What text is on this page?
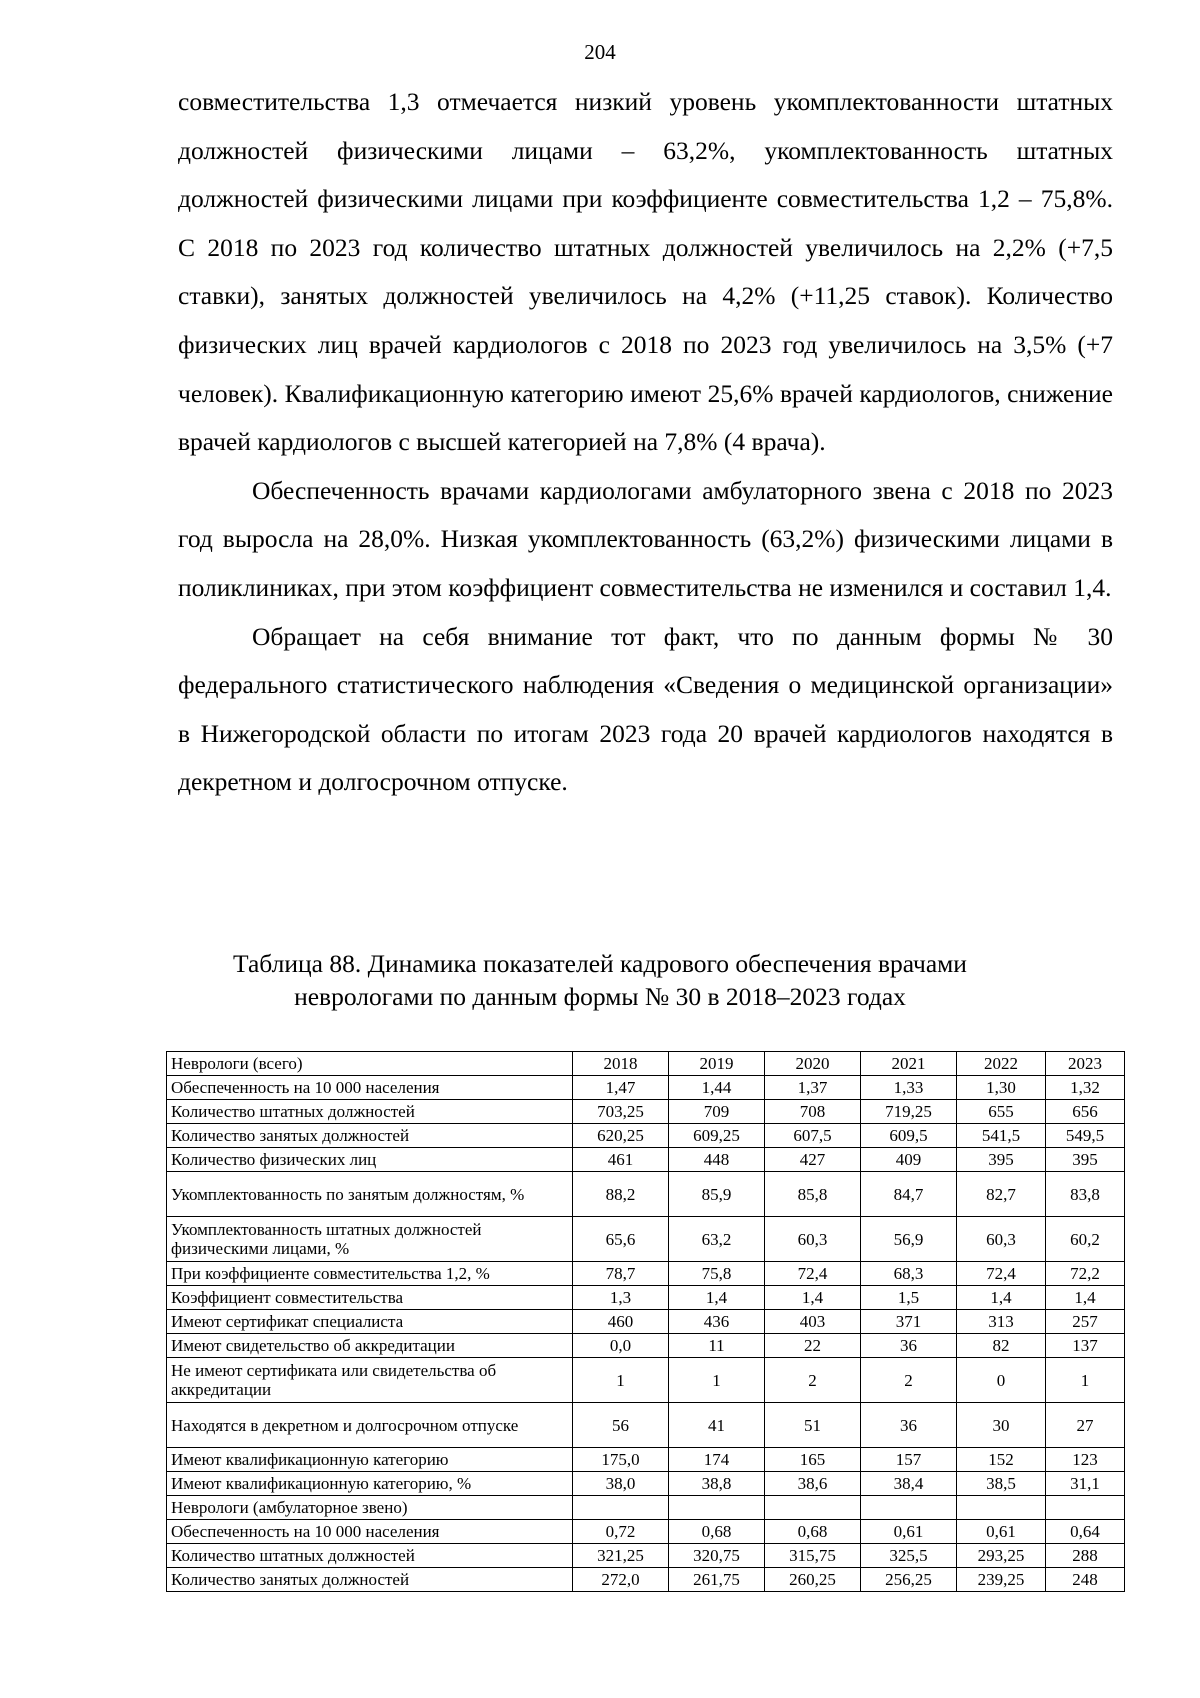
204

совместительства 1,3 отмечается низкий уровень укомплектованности штатных должностей физическими лицами – 63,2%, укомплектованность штатных должностей физическими лицами при коэффициенте совместительства 1,2 – 75,8%. С 2018 по 2023 год количество штатных должностей увеличилось на 2,2% (+7,5 ставки), занятых должностей увеличилось на 4,2% (+11,25 ставок). Количество физических лиц врачей кардиологов с 2018 по 2023 год увеличилось на 3,5% (+7 человек). Квалификационную категорию имеют 25,6% врачей кардиологов, снижение врачей кардиологов с высшей категорией на 7,8% (4 врача).

Обеспеченность врачами кардиологами амбулаторного звена с 2018 по 2023 год выросла на 28,0%. Низкая укомплектованность (63,2%) физическими лицами в поликлиниках, при этом коэффициент совместительства не изменился и составил 1,4.

Обращает на себя внимание тот факт, что по данным формы № 30 федерального статистического наблюдения «Сведения о медицинской организации» в Нижегородской области по итогам 2023 года 20 врачей кардиологов находятся в декретном и долгосрочном отпуске.

Таблица 88. Динамика показателей кадрового обеспечения врачами
неврологами по данным формы № 30 в 2018–2023 годах
Неврологи (всего)	2018	2019	2020	2021	2022	2023
Обеспеченность на 10 000 населения	1,47	1,44	1,37	1,33	1,30	1,32
Количество штатных должностей	703,25	709	708	719,25	655	656
Количество занятых должностей	620,25	609,25	607,5	609,5	541,5	549,5
Количество физических лиц	461	448	427	409	395	395
Укомплектованность по занятым должностям, %	88,2	85,9	85,8	84,7	82,7	83,8
Укомплектованность штатных должностей физическими лицами, %	65,6	63,2	60,3	56,9	60,3	60,2
При коэффициенте совместительства 1,2, %	78,7	75,8	72,4	68,3	72,4	72,2
Коэффициент совместительства	1,3	1,4	1,4	1,5	1,4	1,4
Имеют сертификат специалиста	460	436	403	371	313	257
Имеют свидетельство об аккредитации	0,0	11	22	36	82	137
Не имеют сертификата или свидетельства об аккредитации	1	1	2	2	0	1
Находятся в декретном и долгосрочном отпуске	56	41	51	36	30	27
Имеют квалификационную категорию	175,0	174	165	157	152	123
Имеют квалификационную категорию, %	38,0	38,8	38,6	38,4	38,5	31,1
Неврологи (амбулаторное звено)						
Обеспеченность на 10 000 населения	0,72	0,68	0,68	0,61	0,61	0,64
Количество штатных должностей	321,25	320,75	315,75	325,5	293,25	288
Количество занятых должностей	272,0	261,75	260,25	256,25	239,25	248
